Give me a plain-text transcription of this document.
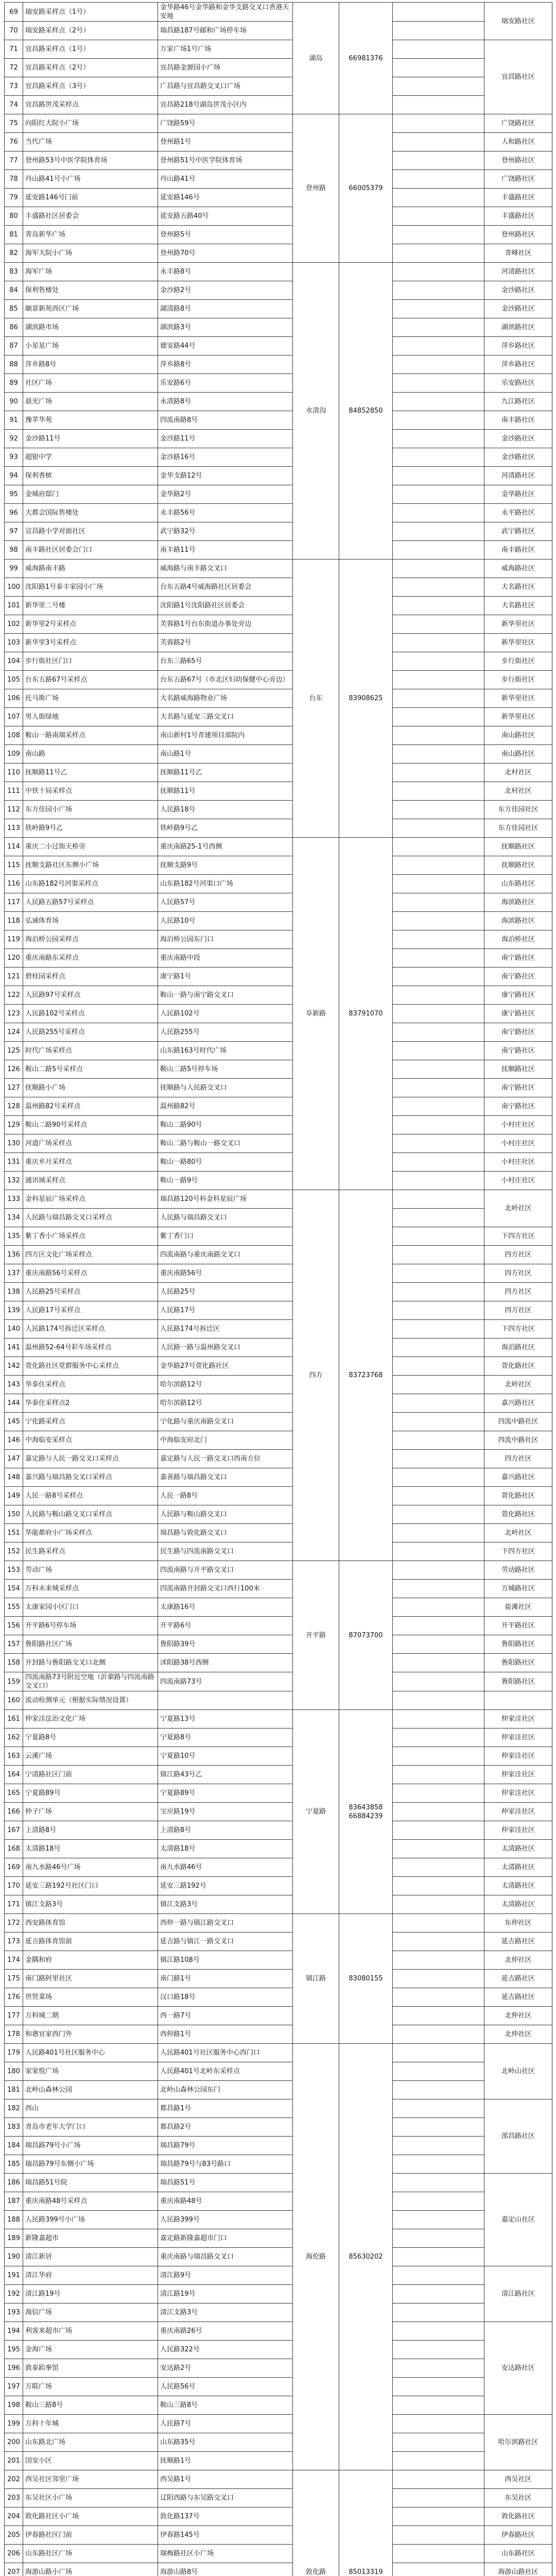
69	瑞安路采样点（1号）	金华路46号金华路和金华支路交叉口香港天安地	湖岛	66981376		瑞安路社区
70	瑞安路采样点（2号）	瑞昌路187号邮和广场停车场				
71	宜昌路采样点（1号）	万家广场1号广场				宜昌路社区
72	宜昌路采样点（2号）	宜昌路金源园小广场				
73	宜昌路采样点（3号）	广昌路与宜昌路交叉口广场				
74	宜昌路世茂采样点	宜昌路218号湖岛世茂小区内				
75	向阳红大院小广场	广饶路59号	登州路	66005379		广饶路社区
76	当代广场	登州路1号				人和路社区
77	登州路53号中医学院体育场	登州路51号中医学院体育场				登州路社区
78	丹山路41号小广场	丹山路41号				广饶路社区
79	延安路146号门前	延安路146号				丰盛路社区
80	丰盛路社区居委会	延安路五路40号				丰盛路社区
81	青岛新华广场	登州路5号				登州路社区
82	海军大院小广场	登州路70号				青峰社区
83	海军广场	永丰路8号	水清沟	84852850		河清路社区
84	保利售楼处	金沙路2号				金沙路社区
85	颐景新苑西区广场	湖清路8号				金沙路社区
86	湖滨路市场	湖滨路3号				湖滨路社区
87	小星星广场	德安路44号				萍乡路社区
88	萍乡路8号	萍乡路8号				萍乡路社区
89	社区广场	乐安路6号				乐安路社区
90	晨光广场	永清路8号				九江路社区
91	豫苹华苑	四流南路8号				南丰路社区
92	金沙路11号	金沙路11号				金沙路社区
93	超银中学	金沙路16号				金沙路社区
94	保利香槟	金华支路12号				河清路社区
95	金城府邸门	金华路2号				金华路社区
96	大都会国际售楼处	永丰路56号				永平路社区
97	宣昌路小学对面社区	武宁路32号				武宁路社区
98	南丰路社区居委会门口	南丰路11号				南丰路社区
99	威海路南丰路	威海路与南丰路交叉口	台东	83908625		威海路社区
100	沈阳路1号泰丰家园小广场	台东五路4号威海路社区居委会				大名路社区
101	新华里二号楼	沈阳路1号沈阳路社区居委会				大名路社区
102	新华里2号采样点	芙蓉路1号台东街道办事处旁边				新华里社区
103	新华里3号采样点	芙蓉路2号				新华里社区
104	步行街社区门口	台东三路65号				步行街社区
105	台东五路67号采样点	台东五路67号（市北区妇幼保健中心旁边）				步行街社区
106	托马斯广场	大名路威海路物业广场				新华里社区
107	男人街绿地	大名路与延安三路交叉口				新华里社区
108	鞍山一路南端采样点	南山新村1号青建项目部院内				南山路社区
109	南山路	南山路1号				南山路社区
110	抚顺路11号乙	抚顺路11号乙				北村社区
111	中铁十局采样点	抚顺路11号				北村社区
112	东方佳园小广场	人民路18号				东方佳园社区
113	铁岭路9号乙	铁岭路9号乙				东方佳园社区
114	重庆二小过街天桥旁	重庆南路25-1号西侧	阜新路	83791070		抚顺路社区
115	抚顺支路社区东侧小广场	抚顺支路9号				抚顺路社区
116	山东路182号河渠采样点	山东路182号河渠口广场				山东路社区
117	人民路五路57号采样点	人民路57号				海滨路社区
118	弘诚体育场	人民路10号				海滨路社区
119	海泊桥公园采样点	海泊桥公园东门口				海泊桥社区
120	重庆南路东采样点	重庆南路中段				南宁路社区
121	碧桂园采样点	康宁路1号				南宁路社区
122	人民路97号采样点	鞍山一路与南宁路交叉口				康宁路社区
123	人民路102号采样点	人民路102号				康宁路社区
124	人民路255号采样点	人民路255号				南宁路社区
125	时代广场采样点	山东路163号时代广场				南宁路社区
126	鞍山二路5号采样点	鞍山二路5号停车场				抚顺路社区
127	抚顺路小广场	抚顺路与人民路交叉口				南宁路社区
128	温州路82号采样点	温州路82号				南宁路社区
129	鞍山二路90号采样点	鞍山二路90号				小村庄社区
130	河道广场采样点	鞍山二路与鞍山一路交叉口				小村庄社区
131	重庆乡月采样点	鞍山一路80号				小村庄社区
132	通讯城采样点	鞍山一路9号				小村庄社区
133	金科星辰广场采样点	瑞昌路120号科金科星辰广场	四方	83723768		北岭社区
134	人民路与瑞昌路交叉口采样点	人民路与瑞昌路交叉口				
135	紫丁香小广场采样点	紫丁香门口				下四方社区
136	四方区文化广场采样点	四流南路与重庆南路交叉口				四方社区
137	重庆南路56号采样点	重庆南路56号				四方社区
138	人民路25号采样点	人民路25号				四方社区
139	人民路17号采样点	人民路17号				四方社区
140	人民路174号拆迁区采样点	人民路174号拆迁区				下四方社区
141	温州路52-64号彩车场采样点	人民路一路与温州路交叉口				海泊路社区
142	萱化路社区党群服务中心采样点	金华路27号萱化路社区				萱化路社区
143	华泰住采样点	哈尔滨路12号				北岭社区
144	华泰住采样点2	哈尔滨路12号				嘉兴路社区
145	宁化路采样点	宁化路与重庆南路交叉口				四流中路社区
146	中海临安采样点	中海临安府北门				四流中路社区
147	嘉定路与人民一路交叉口采样点	嘉定路与人民一路交叉口西南方位				四方社区
148	嘉兴路与瑞昌路交叉口采样点	嘉善路与瑞昌路交叉口				嘉兴路社区
149	人民一路8号采样点	人民一路8号				萱化路社区
150	人民路与鞍山路交叉口采样点	人民路与鞍山路交叉口				萱化路社区
151	华能都府小广场采样点	瑞昌路与敦化路交叉口				北岭社区
152	民生路采样点	民生路与四流南路交叉口				下四方社区
153	劳动广场	四流南路与开平路交叉口	开平路	87073700		劳动路社区
154	万科未来城采样点	四流南路开封路交叉口西行100米				万城路社区
155	太康家园小区门口	太康路16号				盐滩社区
156	开平路6号停车场	开平路6号				开平路社区
157	鲁阳路社区广场	鲁阳路39号				鲁阳路社区
158	开封路与鲁阳路交叉口北侧	沭阳路38号西侧				鲁阳路社区
159	四流南路73号附近空地（沂蒙路与四流南路交叉口）	四流南路73号				鲁阳路社区
160	流动检测单元（根据实际情况设置）					
161	仲家洼法治文化广场	宁夏路13号	宁夏路	83643858 66884239		仲家洼社区
162	宁夏路8号	宁夏路8号				仲家洼社区
163	云溪广场	宁夏路10号				仲家洼社区
164	宁清路社区门前	镇江路43号乙				仲家洼社区
165	宁夏路89号	宁夏路89号				仲家洼社区
166	仲子广场	宝应路19号				仲家洼社区
167	上清路8号	上清路8号				仲家洼社区
168	太清路18号	太清路18号				太清路社区
169	南九水路46号广场	南九水路46号				太清路社区
170	延安三路192号社区门口	延安三路192号				太清路社区
171	镇江支路3号	镇江支路3号				太清路社区
172	西安路体育馆	西仲一路与镇江路交叉口	镇江路	83080155		东仲社区
173	延吉路体育馆前	延吉路与镇江一路交叉口				延吉路社区
174	金隅和府	镇江路108号				北仲社区
175	南门路阿里社区	南门路1号				延吉路社区
176	世贸菜场	汉口路18号				延吉路社区
177	万科城二期	西一路7号				北仲社区
178	和谐宜家西门外	西仲路1号				北仲社区
179	人民路401号社区服务中心	人民路401号社区服务中心西门口	海伦路	85630202		北岭山社区
180	家家悦广场	人民路401号北岭东采样点				
181	北岭山森林公园	北岭山森林公园东门				
182	西山	都昌路1号				邵昌路社区
183	青岛市老年大学门口	都昌路2号				
184	瑞昌路79号小广场	瑞昌路79号				
185	瑞昌路79号东侧小广场	瑞昌路79号与83号路口				
186	瑞昌路51号院	瑞昌路51号				嘉定山社区
187	重庆南路48号采样点	重庆南路48号				
188	人民路399号小广场	人民路399号				
189	新隆嘉超市	嘉定路新隆嘉超市门口				
190	清江新居	重庆南路与瑞昌路交叉口				
191	清江华府	清江路9号				清江路社区
192	清江路19号	清江路19号				
193	海信广场	清江支路3号				
194	利客来超市广场	重庆南路26号				安达路社区
195	金海广场	人民路322号				
196	敦泰跆拳馆	安达路2号				
197	万联广场	人民路56号				
198	鞍山三路8号	鞍山三路8号				
199	万科十年城	人民路7号				哈尔滨路社区
200	山东路北广场	山东路35号				
201	国安小区	抚顺路1号				
202	西吴社区邻里广场	西吴路1号	敦化路	85013319		西吴社区
203	东吴社区小广场	辽阳西路与东吴路交叉口				东吴社区
204	敦化路社区小广场	敦化路137号				敦化路社区
205	伊春路社区门前	伊春路145号				伊春路社区
206	山东路社区广场	瑞梅路社区小广场				山东路社区
207	海游山路小广场	海游山路8号				海游山路社区
